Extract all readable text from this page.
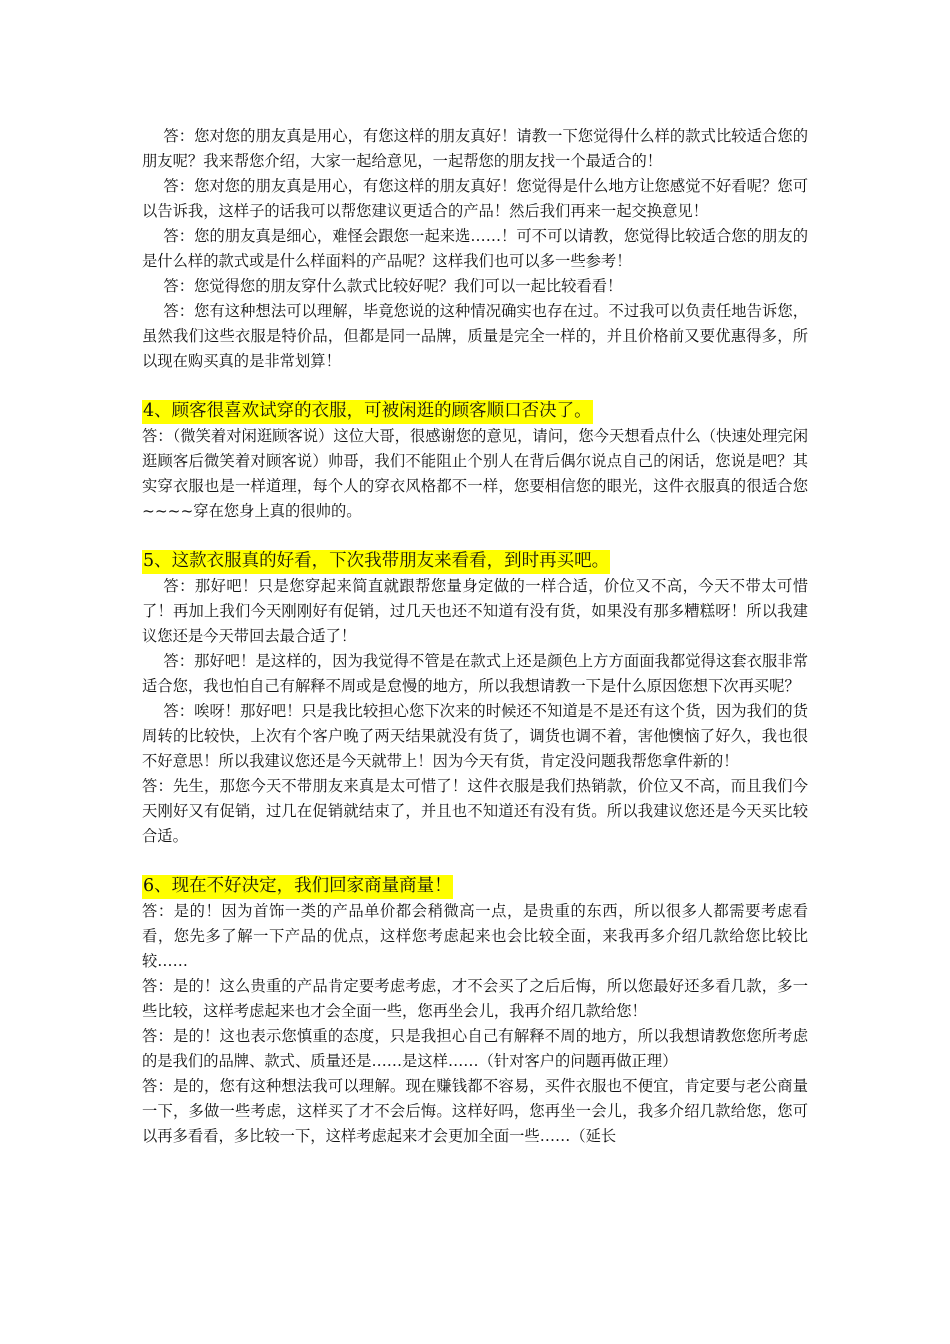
答：您对您的朋友真是用心，有您这样的朋友真好！请教一下您觉得什么样的款式比较适合您的朋友呢？我来帮您介绍，大家一起给意见，一起帮您的朋友找一个最适合的！

答：您对您的朋友真是用心，有您这样的朋友真好！您觉得是什么地方让您感觉不好看呢？您可以告诉我，这样子的话我可以帮您建议更适合的产品！然后我们再来一起交换意见！

答：您的朋友真是细心，难怪会跟您一起来选……！可不可以请教，您觉得比较适合您的朋友的是什么样的款式或是什么样面料的产品呢？这样我们也可以多一些参考！

答：您觉得您的朋友穿什么款式比较好呢？我们可以一起比较看看！

答：您有这种想法可以理解，毕竟您说的这种情况确实也存在过。不过我可以负责任地告诉您，虽然我们这些衣服是特价品，但都是同一品牌，质量是完全一样的，并且价格前又要优惠得多，所以现在购买真的是非常划算！

4、顾客很喜欢试穿的衣服，可被闲逛的顾客顺口否决了。

答：（微笑着对闲逛顾客说）这位大哥，很感谢您的意见，请问，您今天想看点什么（快速处理完闲逛顾客后微笑着对顾客说）帅哥，我们不能阻止个别人在背后偶尔说点自己的闲话，您说是吧？其实穿衣服也是一样道理，每个人的穿衣风格都不一样，您要相信您的眼光，这件衣服真的很适合您~~~~穿在您身上真的很帅的。

5、这款衣服真的好看，下次我带朋友来看看，到时再买吧。

答：那好吧！只是您穿起来简直就跟帮您量身定做的一样合适，价位又不高，今天不带太可惜了！再加上我们今天刚刚好有促销，过几天也还不知道有没有货，如果没有那多糟糕呀！所以我建议您还是今天带回去最合适了！

答：那好吧！是这样的，因为我觉得不管是在款式上还是颜色上方方面面我都觉得这套衣服非常适合您，我也怕自己有解释不周或是怠慢的地方，所以我想请教一下是什么原因您想下次再买呢？

答：唉呀！那好吧！只是我比较担心您下次来的时候还不知道是不是还有这个货，因为我们的货周转的比较快，上次有个客户晚了两天结果就没有货了，调货也调不着，害他懊恼了好久，我也很不好意思！所以我建议您还是今天就带上！因为今天有货，肯定没问题我帮您拿件新的！

答：先生，那您今天不带朋友来真是太可惜了！这件衣服是我们热销款，价位又不高，而且我们今天刚好又有促销，过几在促销就结束了，并且也不知道还有没有货。所以我建议您还是今天买比较合适。

6、现在不好决定，我们回家商量商量！

答：是的！因为首饰一类的产品单价都会稍微高一点，是贵重的东西，所以很多人都需要考虑看看，您先多了解一下产品的优点，这样您考虑起来也会比较全面，来我再多介绍几款给您比较比较……

答：是的！这么贵重的产品肯定要考虑考虑，才不会买了之后后悔，所以您最好还多看几款，多一些比较，这样考虑起来也才会全面一些，您再坐会儿，我再介绍几款给您！

答：是的！这也表示您慎重的态度，只是我担心自己有解释不周的地方，所以我想请教您您所考虑的是我们的品牌、款式、质量还是……是这样……（针对客户的问题再做正理）

答：是的，您有这种想法我可以理解。现在赚钱都不容易，买件衣服也不便宜，肯定要与老公商量一下，多做一些考虑，这样买了才不会后悔。这样好吗，您再坐一会儿，我多介绍几款给您，您可以再多看看，多比较一下，这样考虑起来才会更加全面一些……（延长
